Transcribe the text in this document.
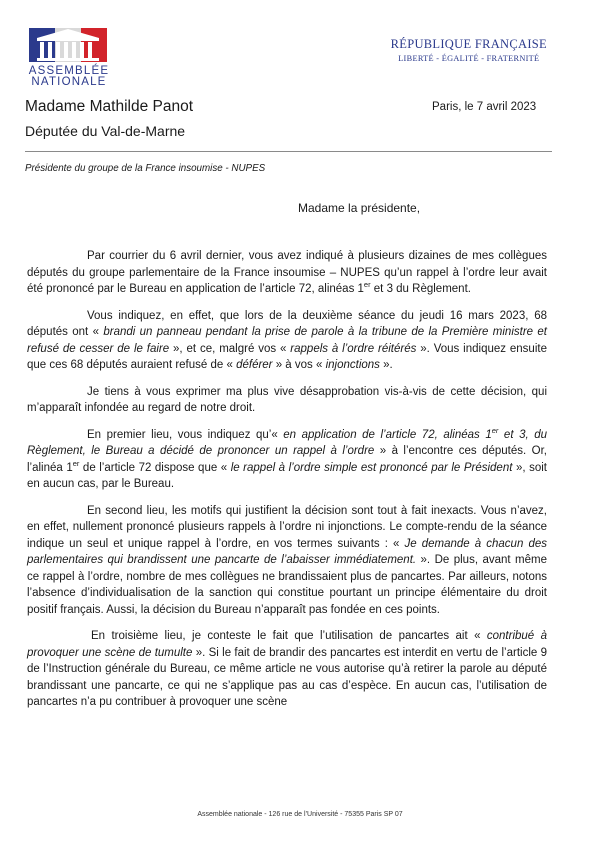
ASSEMBLÉE
NATIONALE
RÉPUBLIQUE FRANÇAISE
LIBERTÉ - ÉGALITÉ - FRATERNITÉ
Madame Mathilde Panot
Députée du Val-de-Marne
Paris, le 7 avril 2023
Présidente du groupe de la France insoumise - NUPES
Madame la présidente,

Par courrier du 6 avril dernier, vous avez indiqué à plusieurs dizaines de mes collègues députés du groupe parlementaire de la France insoumise – NUPES qu’un rappel à l’ordre leur avait été prononcé par le Bureau en application de l’article 72, alinéas 1er et 3 du Règlement.

Vous indiquez, en effet, que lors de la deuxième séance du jeudi 16 mars 2023, 68 députés ont « brandi un panneau pendant la prise de parole à la tribune de la Première ministre et refusé de cesser de le faire », et ce, malgré vos « rappels à l’ordre réitérés ». Vous indiquez ensuite que ces 68 députés auraient refusé de « déférer » à vos « injonctions ».

Je tiens à vous exprimer ma plus vive désapprobation vis-à-vis de cette décision, qui m’apparaît infondée au regard de notre droit.

En premier lieu, vous indiquez qu’« en application de l’article 72, alinéas 1er et 3, du Règlement, le Bureau a décidé de prononcer un rappel à l’ordre » à l’encontre ces députés. Or, l’alinéa 1er de l’article 72 dispose que « le rappel à l’ordre simple est prononcé par le Président », soit en aucun cas, par le Bureau.

En second lieu, les motifs qui justifient la décision sont tout à fait inexacts. Vous n’avez, en effet, nullement prononcé plusieurs rappels à l’ordre ni injonctions. Le compte-rendu de la séance indique un seul et unique rappel à l’ordre, en vos termes suivants : « Je demande à chacun des parlementaires qui brandissent une pancarte de l’abaisser immédiatement. ». De plus, avant même ce rappel à l’ordre, nombre de mes collègues ne brandissaient plus de pancartes. Par ailleurs, notons l’absence d’individualisation de la sanction qui constitue pourtant un principe élémentaire du droit positif français. Aussi, la décision du Bureau n’apparaît pas fondée en ces points.

En troisième lieu, je conteste le fait que l’utilisation de pancartes ait « contribué à provoquer une scène de tumulte ». Si le fait de brandir des pancartes est interdit en vertu de l’article 9 de l’Instruction générale du Bureau, ce même article ne vous autorise qu’à retirer la parole au député brandissant une pancarte, ce qui ne s’applique pas au cas d’espèce. En aucun cas, l’utilisation de pancartes n’a pu contribuer à provoquer une scène

Assemblée nationale - 126 rue de l’Université - 75355 Paris SP 07
